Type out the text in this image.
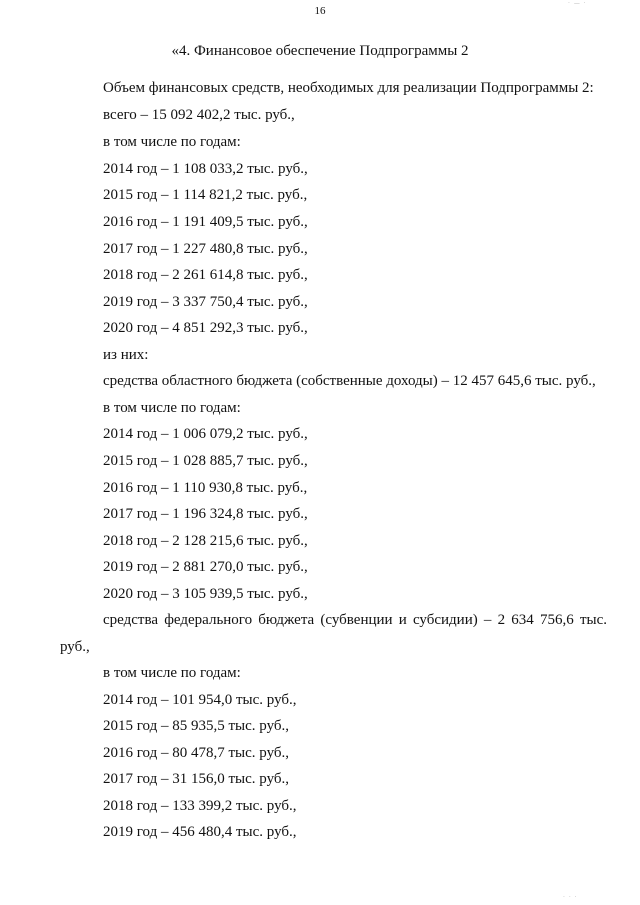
16
«4. Финансовое обеспечение Подпрограммы 2
Объем финансовых средств, необходимых для реализации Подпрограммы 2:
всего – 15 092 402,2 тыс. руб.,
в том числе по годам:
2014 год – 1 108 033,2 тыс. руб.,
2015 год – 1 114 821,2 тыс. руб.,
2016 год – 1 191 409,5 тыс. руб.,
2017 год – 1 227 480,8 тыс. руб.,
2018 год – 2 261 614,8 тыс. руб.,
2019 год – 3 337 750,4 тыс. руб.,
2020 год – 4 851 292,3 тыс. руб.,
из них:
средства областного бюджета (собственные доходы) – 12 457 645,6 тыс. руб.,
в том числе по годам:
2014 год – 1 006 079,2 тыс. руб.,
2015 год – 1 028 885,7 тыс. руб.,
2016 год – 1 110 930,8 тыс. руб.,
2017 год – 1 196 324,8 тыс. руб.,
2018 год – 2 128 215,6 тыс. руб.,
2019 год – 2 881 270,0 тыс. руб.,
2020 год – 3 105 939,5 тыс. руб.,
средства федерального бюджета (субвенции и субсидии) – 2 634 756,6 тыс.
руб.,
в том числе по годам:
2014 год – 101 954,0 тыс. руб.,
2015 год – 85 935,5 тыс. руб.,
2016 год – 80 478,7 тыс. руб.,
2017 год – 31 156,0 тыс. руб.,
2018 год – 133 399,2 тыс. руб.,
2019 год – 456 480,4 тыс. руб.,
· — ·
· · ·
